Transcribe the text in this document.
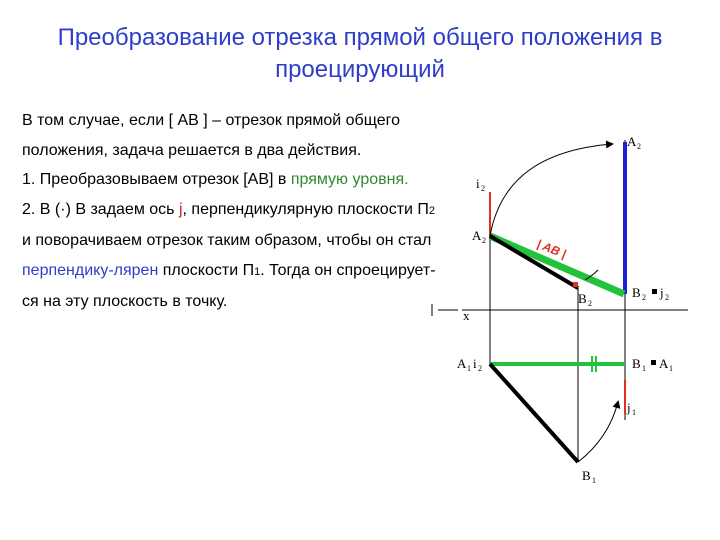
Преобразование отрезка прямой общего положения в проецирующий

В том случае, если [ АВ ] – отрезок прямой общего положения, задача решается в два действия.

1. Преобразовываем отрезок [АВ] в прямую уровня.

2. В (·) В задаем ось j, перпендикулярную плоскости П2 и поворачиваем отрезок таким образом, чтобы он стал перпендику-лярен плоскости П1. Тогда он спроецирует-ся на эту плоскость в точку.

A 2
i 2
A 2	| AB |
B 2 j 2
B 2
x
A 1 i 2	B 1 A 1
j 1
B 1
